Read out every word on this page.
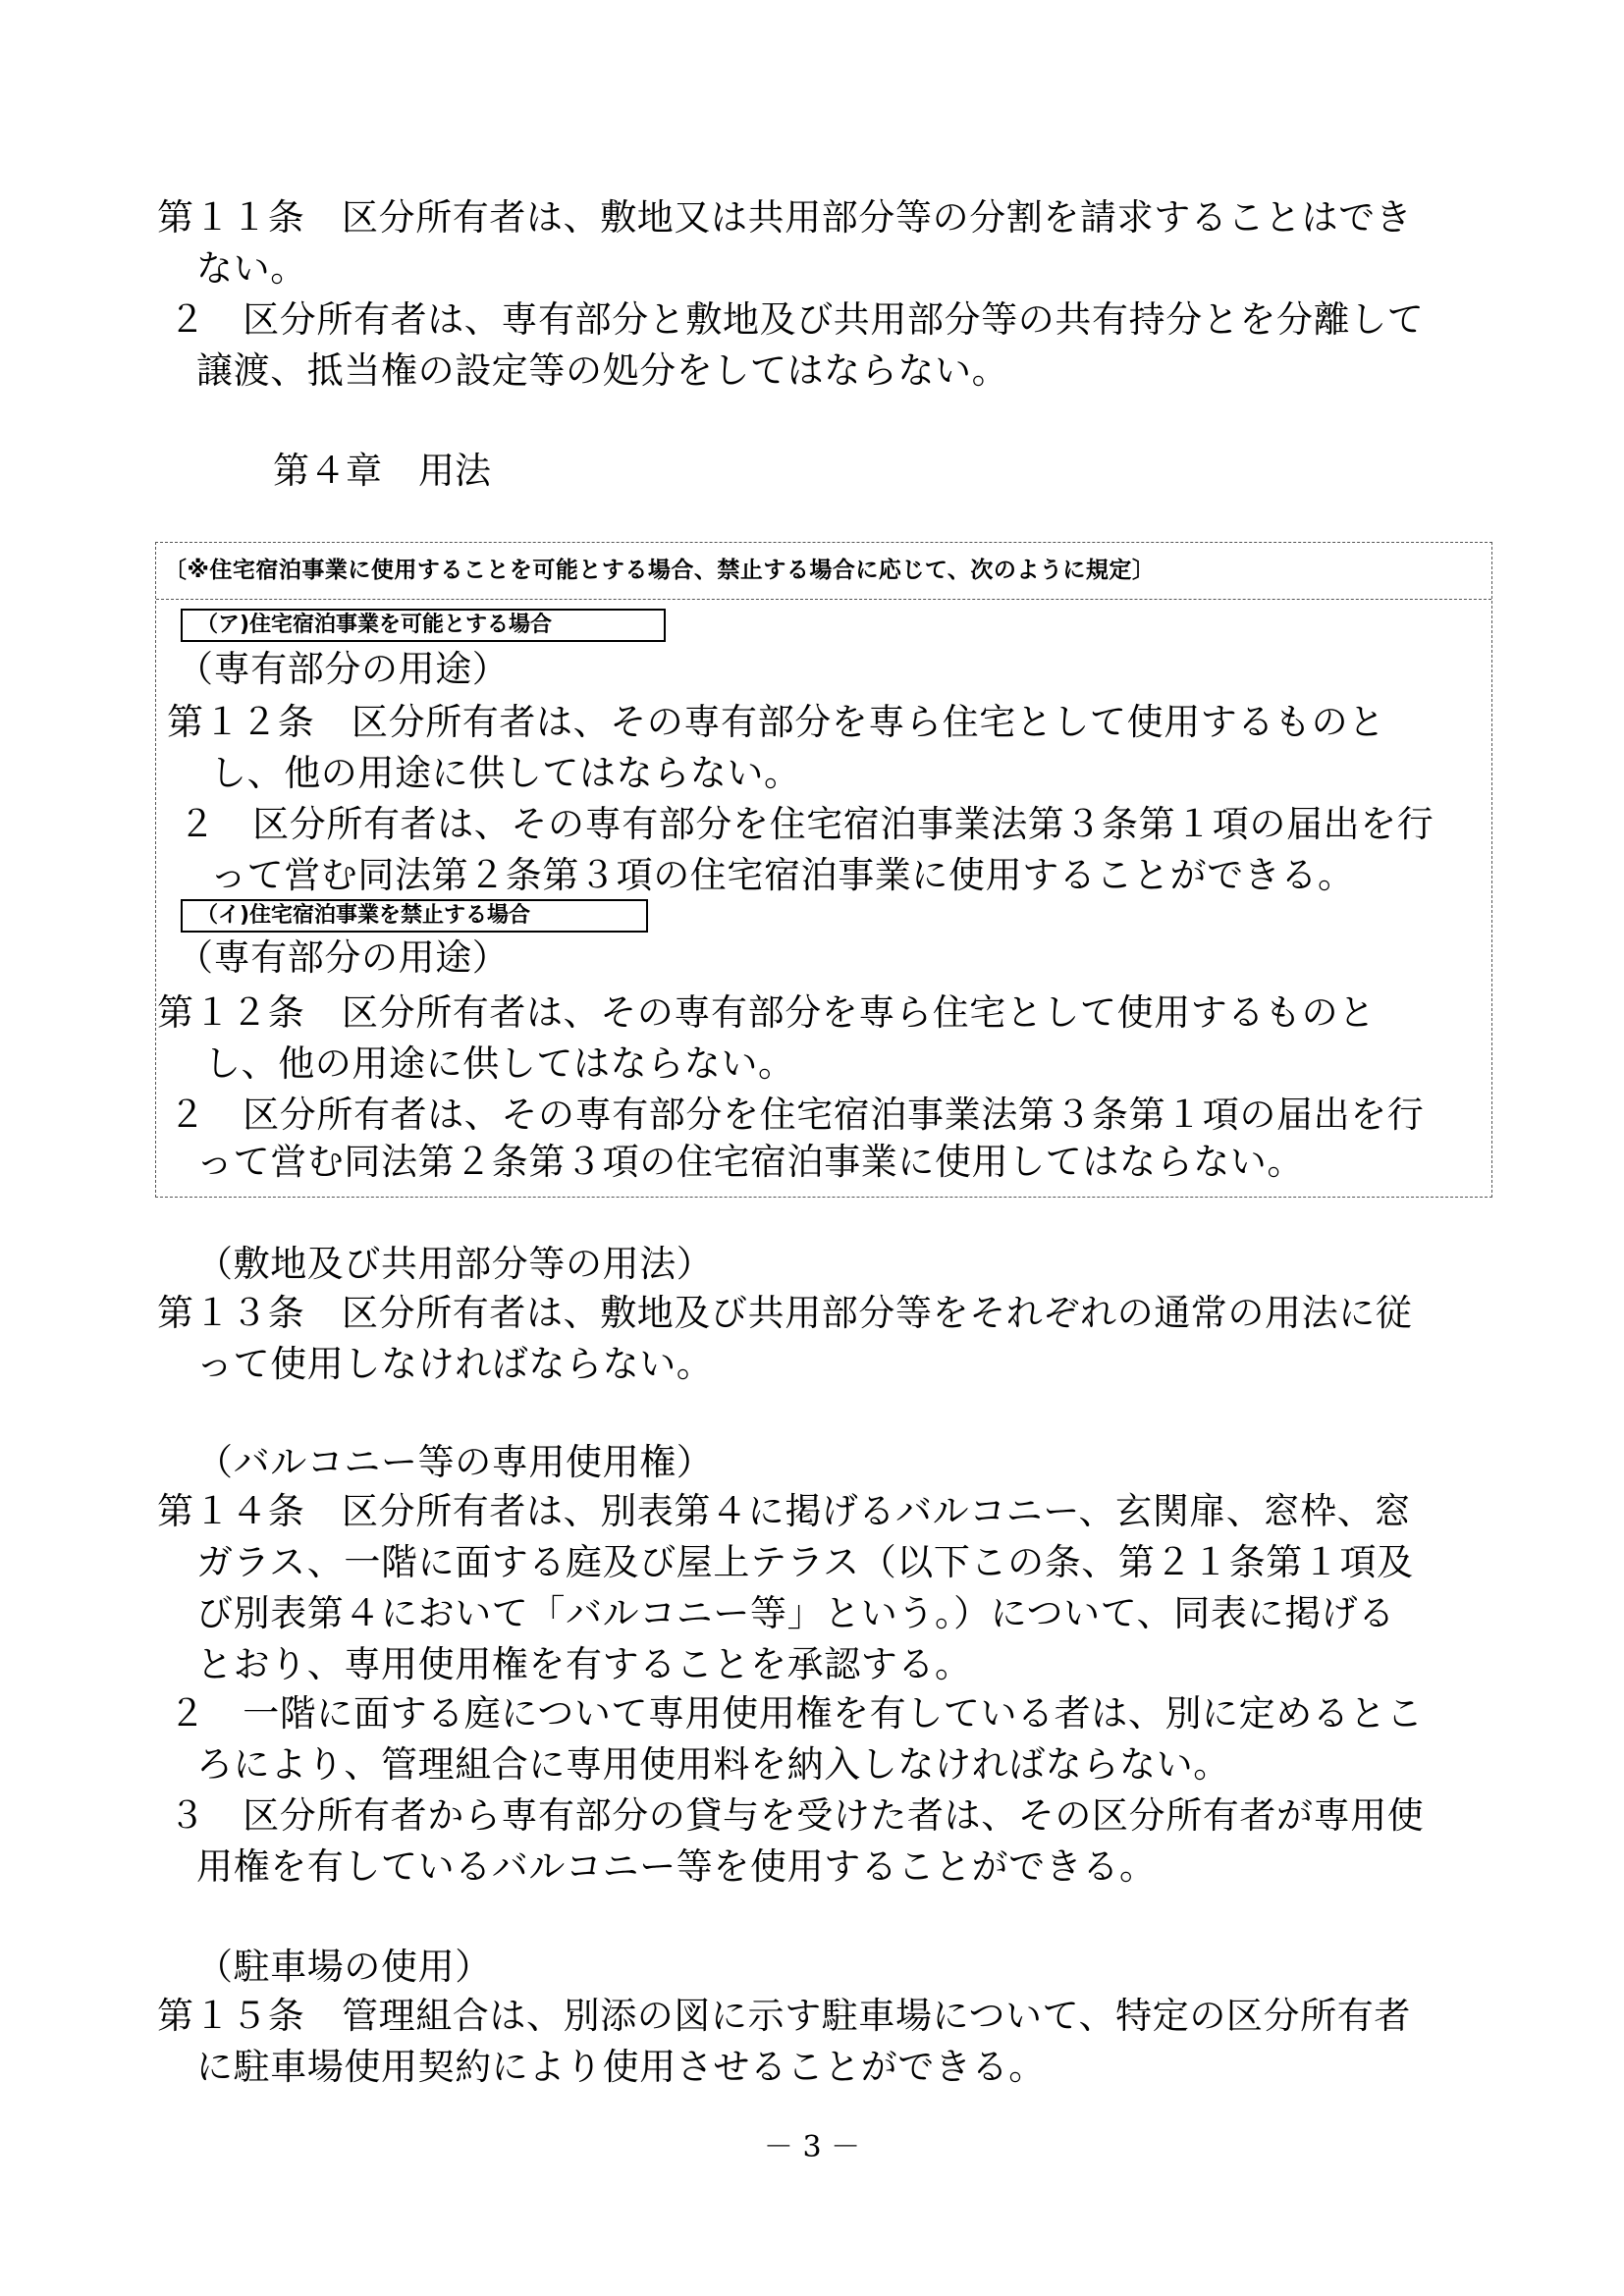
第１１条　区分所有者は、敷地又は共用部分等の分割を請求することはでき
ない。
２　区分所有者は、専有部分と敷地及び共用部分等の共有持分とを分離して
譲渡、抵当権の設定等の処分をしてはならない。
第４章　用法
〔※住宅宿泊事業に使用することを可能とする場合、禁止する場合に応じて、次のように規定〕
（ア)住宅宿泊事業を可能とする場合
（専有部分の用途）
第１２条　区分所有者は、その専有部分を専ら住宅として使用するものと
し、他の用途に供してはならない。
２　区分所有者は、その専有部分を住宅宿泊事業法第３条第１項の届出を行
って営む同法第２条第３項の住宅宿泊事業に使用することができる。
（イ)住宅宿泊事業を禁止する場合
（専有部分の用途）
第１２条　区分所有者は、その専有部分を専ら住宅として使用するものと
し、他の用途に供してはならない。
２　区分所有者は、その専有部分を住宅宿泊事業法第３条第１項の届出を行
って営む同法第２条第３項の住宅宿泊事業に使用してはならない。
（敷地及び共用部分等の用法）
第１３条　区分所有者は、敷地及び共用部分等をそれぞれの通常の用法に従
って使用しなければならない。
（バルコニー等の専用使用権）
第１４条　区分所有者は、別表第４に掲げるバルコニー、玄関扉、窓枠、窓
ガラス、一階に面する庭及び屋上テラス（以下この条、第２１条第１項及
び別表第４において「バルコニー等」という。）について、同表に掲げる
とおり、専用使用権を有することを承認する。
２　一階に面する庭について専用使用権を有している者は、別に定めるとこ
ろにより、管理組合に専用使用料を納入しなければならない。
３　区分所有者から専有部分の貸与を受けた者は、その区分所有者が専用使
用権を有しているバルコニー等を使用することができる。
（駐車場の使用）
第１５条　管理組合は、別添の図に示す駐車場について、特定の区分所有者
に駐車場使用契約により使用させることができる。
－ 3 －
